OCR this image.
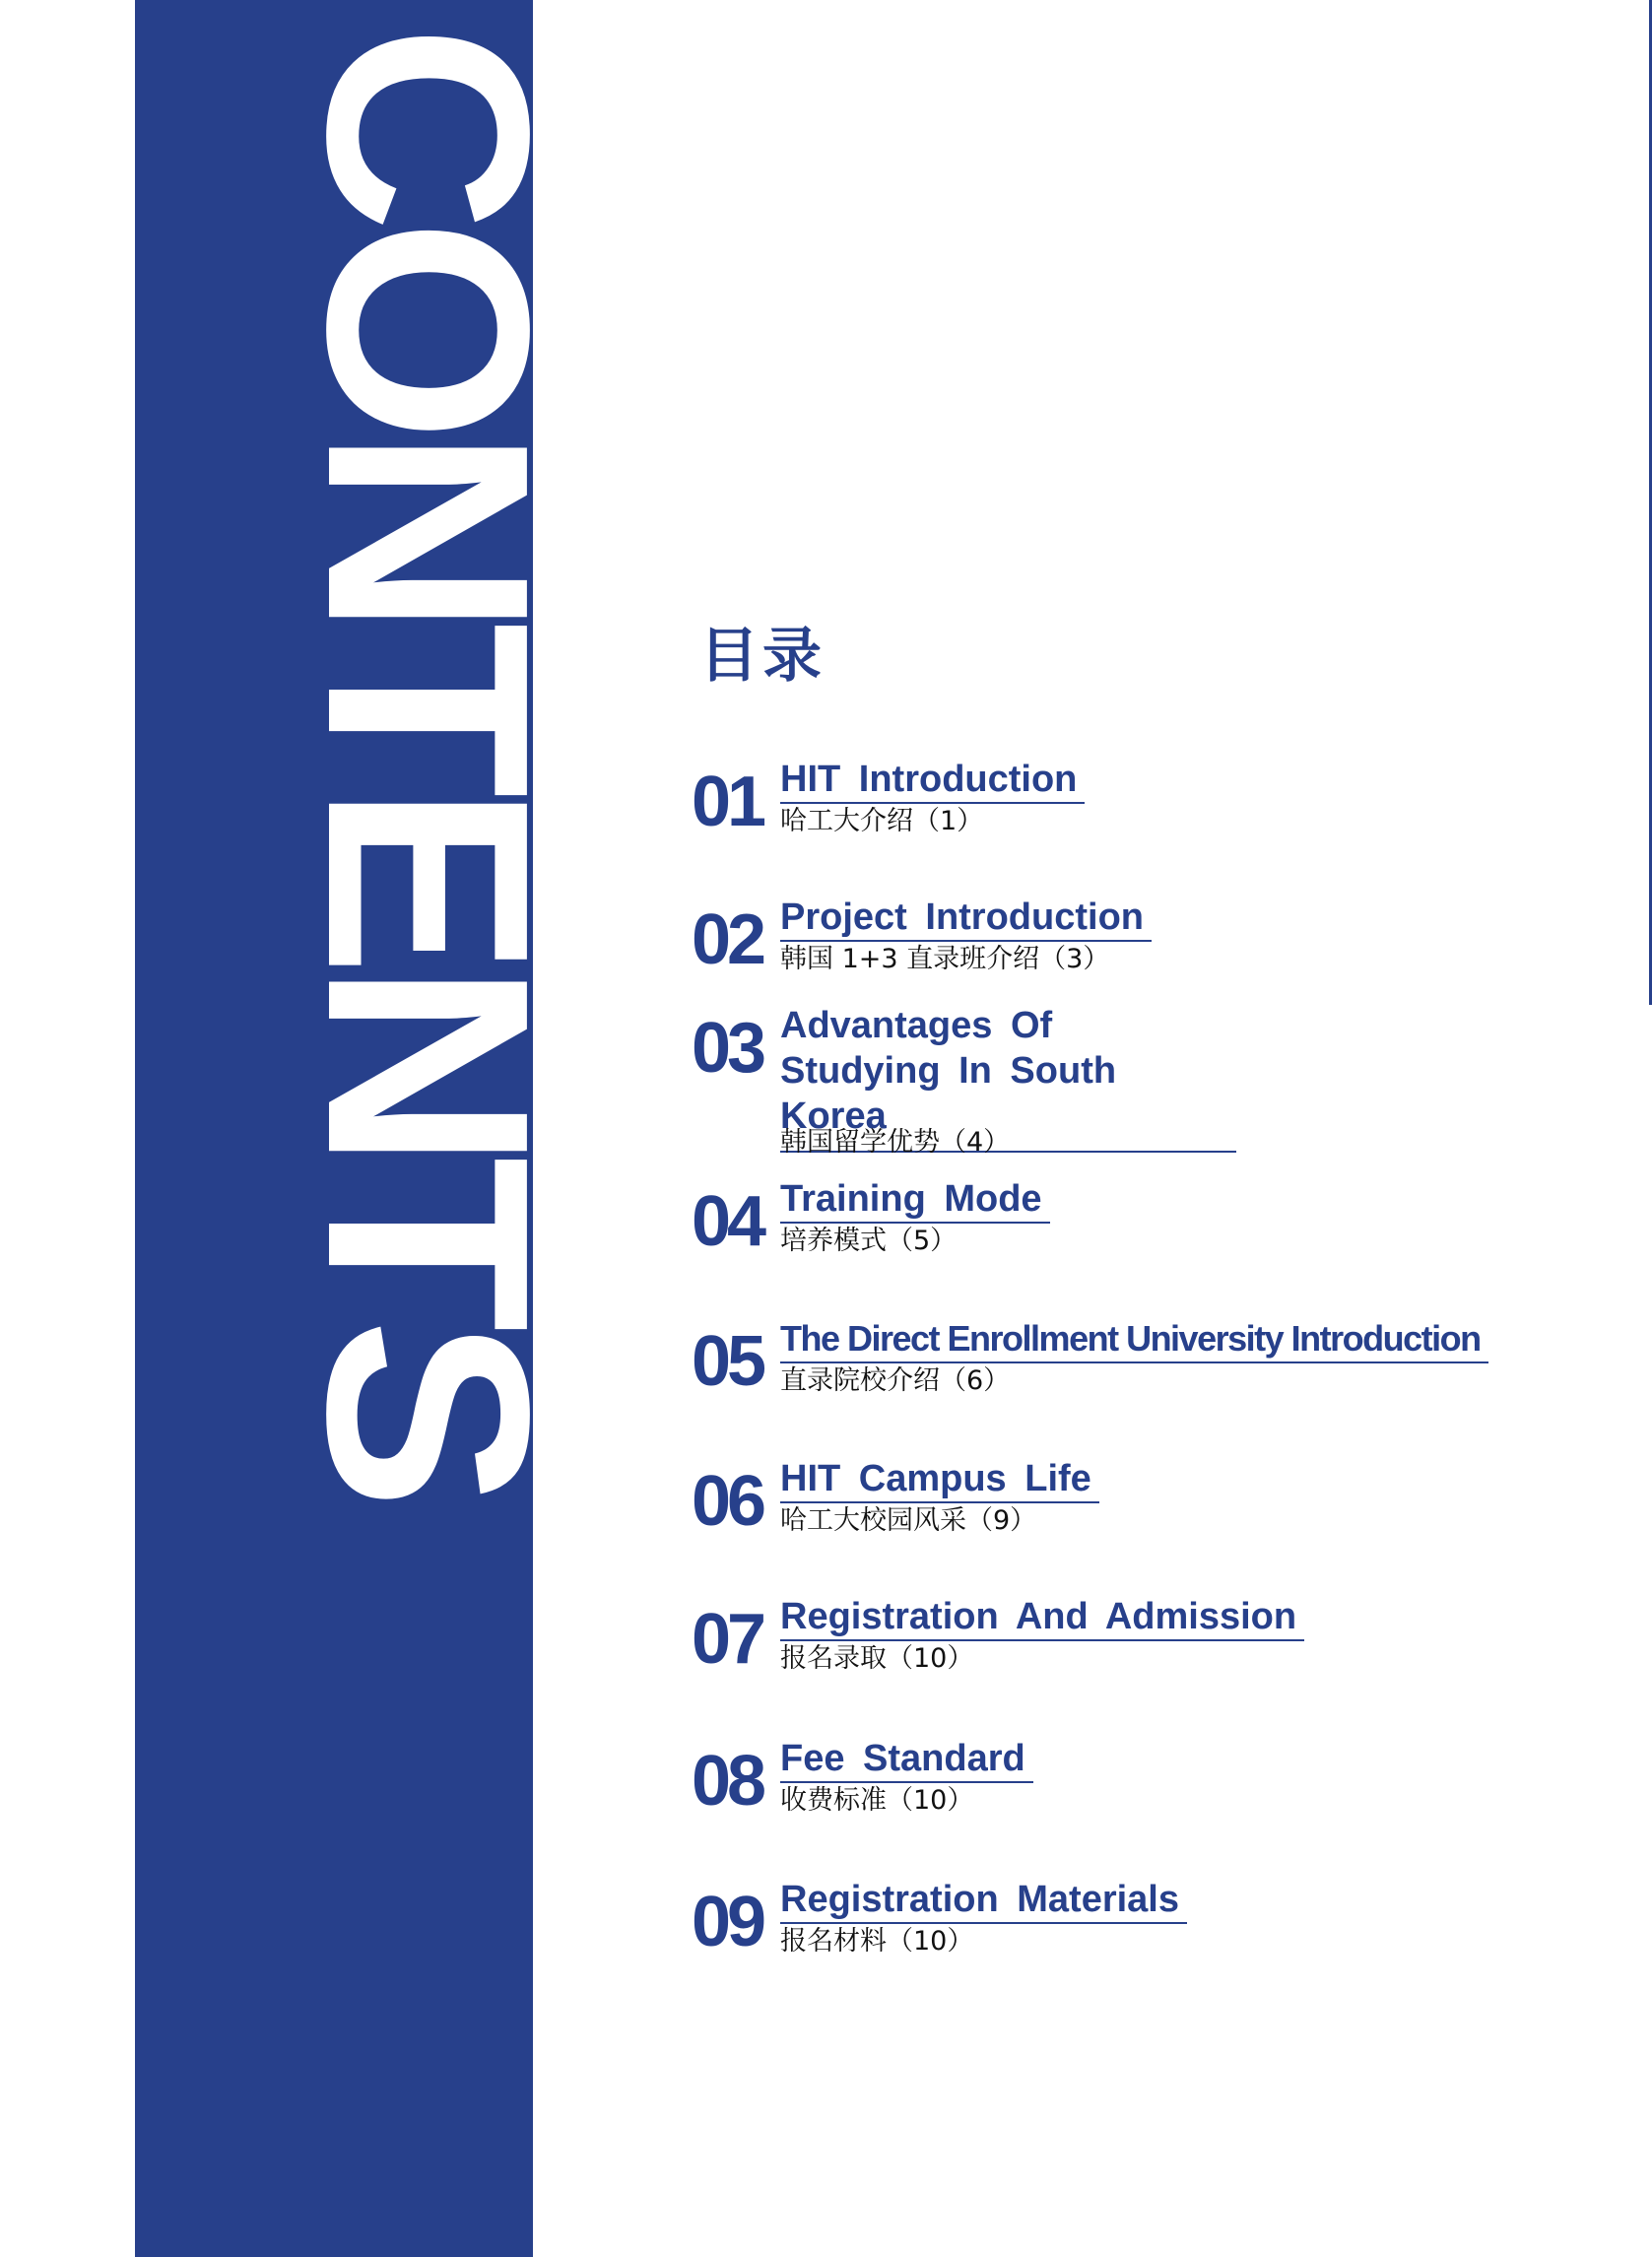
CONTENTS 目录
01 HIT Introduction
哈工大介绍（1）
02 Project Introduction
韩国 1+3 直录班介绍（3）
03 Advantages Of Studying In South Korea
韩国留学优势（4）
04 Training Mode
培养模式（5）
05 The Direct Enrollment University Introduction
直录院校介绍（6）
06 HIT Campus Life
哈工大校园风采（9）
07 Registration And Admission
报名录取（10）
08 Fee Standard
收费标准（10）
09 Registration Materials
报名材料（10）
